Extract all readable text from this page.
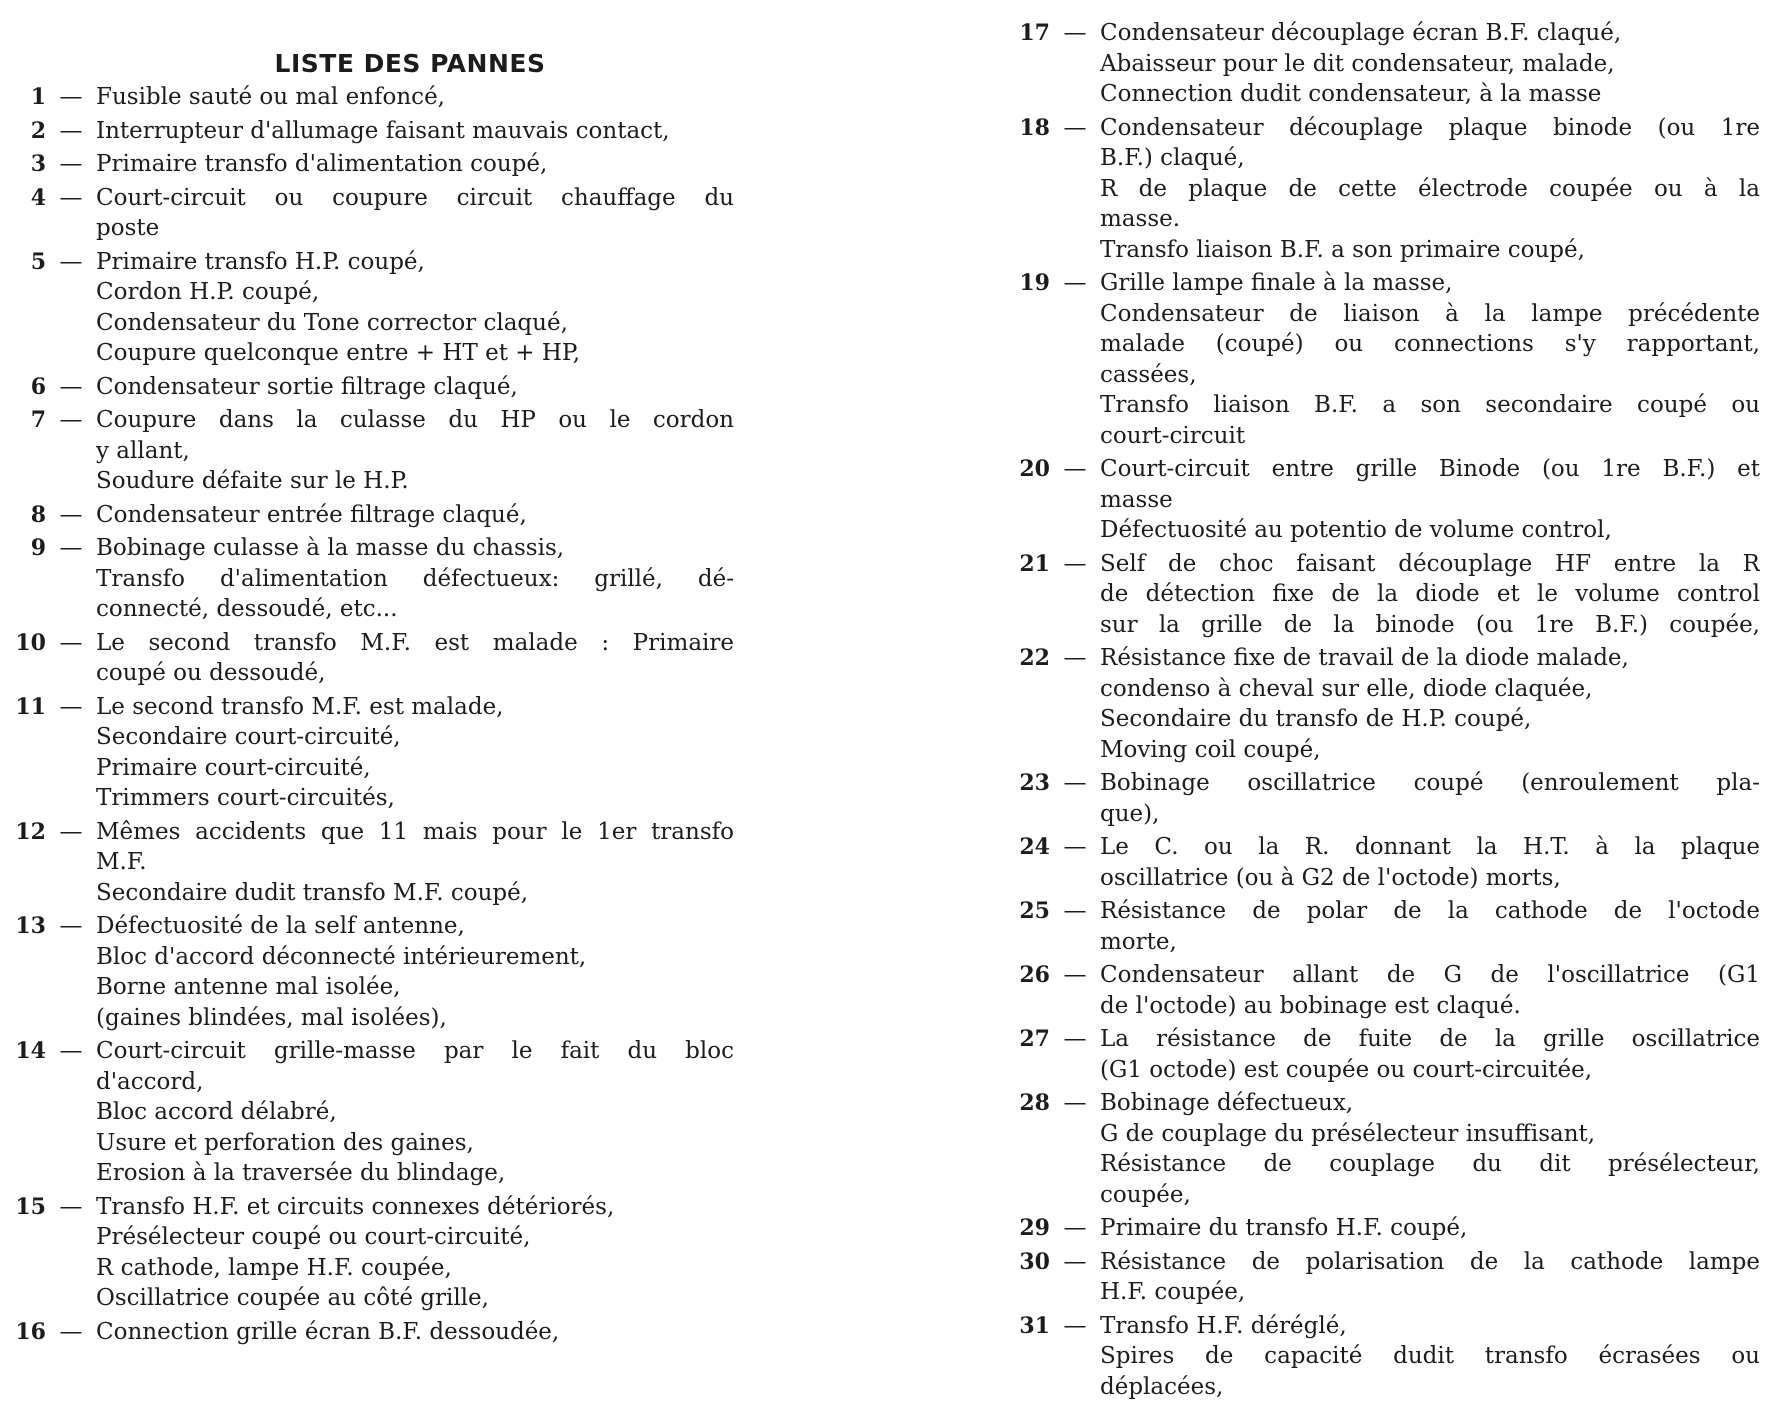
LISTE DES PANNES
1 — Fusible sauté ou mal enfoncé,
2 — Interrupteur d'allumage faisant mauvais contact,
3 — Primaire transfo d'alimentation coupé,
4 — Court-circuit ou coupure circuit chauffage du
poste
5 — Primaire transfo H.P. coupé,
Cordon H.P. coupé,
Condensateur du Tone corrector claqué,
Coupure quelconque entre + HT et + HP,
6 — Condensateur sortie filtrage claqué,
7 — Coupure dans la culasse du HP ou le cordon
y allant,
Soudure défaite sur le H.P.
8 — Condensateur entrée filtrage claqué,
9 — Bobinage culasse à la masse du chassis,
Transfo d'alimentation défectueux: grillé, dé-
connecté, dessoudé, etc...
10 — Le second transfo M.F. est malade : Primaire
coupé ou dessoudé,
11 — Le second transfo M.F. est malade,
Secondaire court-circuité,
Primaire court-circuité,
Trimmers court-circuités,
12 — Mêmes accidents que 11 mais pour le 1er transfo
M.F.
Secondaire dudit transfo M.F. coupé,
13 — Défectuosité de la self antenne,
Bloc d'accord déconnecté intérieurement,
Borne antenne mal isolée,
(gaines blindées, mal isolées),
14 — Court-circuit grille-masse par le fait du bloc
d'accord,
Bloc accord délabré,
Usure et perforation des gaines,
Erosion à la traversée du blindage,
15 — Transfo H.F. et circuits connexes détériorés,
Présélecteur coupé ou court-circuité,
R cathode, lampe H.F. coupée,
Oscillatrice coupée au côté grille,
16 — Connection grille écran B.F. dessoudée,
17 — Condensateur découplage écran B.F. claqué,
Abaisseur pour le dit condensateur, malade,
Connection dudit condensateur, à la masse
18 — Condensateur découplage plaque binode (ou 1re
B.F.) claqué,
R de plaque de cette électrode coupée ou à la
masse.
Transfo liaison B.F. a son primaire coupé,
19 — Grille lampe finale à la masse,
Condensateur de liaison à la lampe précédente
malade (coupé) ou connections s'y rapportant,
cassées,
Transfo liaison B.F. a son secondaire coupé ou
court-circuit
20 — Court-circuit entre grille Binode (ou 1re B.F.) et
masse
Défectuosité au potentio de volume control,
21 — Self de choc faisant découplage HF entre la R
de détection fixe de la diode et le volume control
sur la grille de la binode (ou 1re B.F.) coupée,
22 — Résistance fixe de travail de la diode malade,
condenso à cheval sur elle, diode claquée,
Secondaire du transfo de H.P. coupé,
Moving coil coupé,
23 — Bobinage oscillatrice coupé (enroulement pla-
que),
24 — Le C. ou la R. donnant la H.T. à la plaque
oscillatrice (ou à G2 de l'octode) morts,
25 — Résistance de polar de la cathode de l'octode
morte,
26 — Condensateur allant de G de l'oscillatrice (G1
de l'octode) au bobinage est claqué.
27 — La résistance de fuite de la grille oscillatrice
(G1 octode) est coupée ou court-circuitée,
28 — Bobinage défectueux,
G de couplage du présélecteur insuffisant,
Résistance de couplage du dit présélecteur,
coupée,
29 — Primaire du transfo H.F. coupé,
30 — Résistance de polarisation de la cathode lampe
H.F. coupée,
31 — Transfo H.F. déréglé,
Spires de capacité dudit transfo écrasées ou
déplacées,
